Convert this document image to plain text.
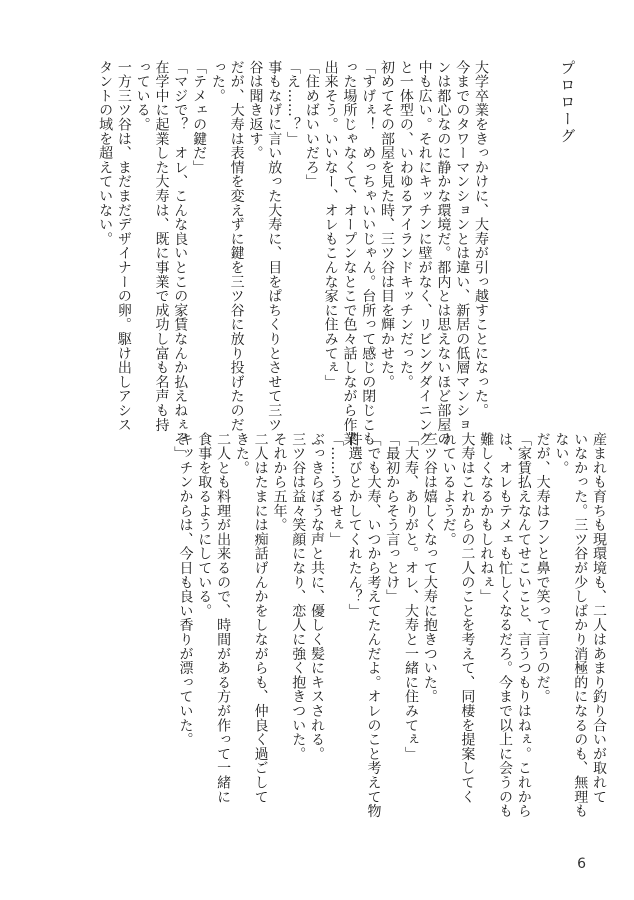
プロローグ

大学卒業をきっかけに、大寿が引っ越すことになった。
今までのタワーマンションとは違い、新居の低層マンショ
ンは都心なのに静かな環境だ。都内とは思えないほど部屋の
中も広い。それにキッチンに壁がなく、リビングダイニング
と一体型の、いわゆるアイランドキッチンだった。
初めてその部屋を見た時、三ツ谷は目を輝かせた。
「すげぇ！　めっちゃいいじゃん。台所って感じの閉じこも
った場所じゃなくて、オープンなとこで色々話しながら作業
出来そう。いいなー、オレもこんな家に住みてぇ」
「住めばいいだろ」
「え……？」
事もなげに言い放った大寿に、目をぱちくりとさせて三ツ
谷は聞き返す。
だが、大寿は表情を変えずに鍵を三ツ谷に放り投げたのだ
った。
「テメェの鍵だ」
「マジで？　オレ、こんな良いとこの家賃なんか払えねぇぞ」
在学中に起業した大寿は、既に事業で成功し富も名声も持
っている。
一方三ツ谷は、まだまだデザイナーの卵。駆け出しアシス
タントの域を超えていない。
産まれも育ちも現環境も、二人はあまり釣り合いが取れて
いなかった。三ツ谷が少しばかり消極的になるのも、無理も
ない。
だが、大寿はフンと鼻で笑って言うのだ。
「家賃払えなんてせこいこと、言うつもりはねぇ。これから
は、オレもテメェも忙しくなるだろ。今まで以上に会うのも
難しくなるかもしれねぇ」
大寿はこれからの二人のことを考えて、同棲を提案してく
れているようだ。
三ツ谷は嬉しくなって大寿に抱きついた。
「大寿、ありがと。オレ、大寿と一緒に住みてぇ」
「最初からそう言っとけ」
「でも大寿、いつから考えてたんだよ。オレのこと考えて物
件選びとかしてくれたん？」
「……うるせぇ」
ぶっきらぼうな声と共に、優しく髪にキスされる。
三ツ谷は益々笑顔になり、恋人に強く抱きついた。
それから五年。
二人はたまには痴話げんかをしながらも、仲良く過ごして
きた。
二人とも料理が出来るので、時間がある方が作って一緒に
食事を取るようにしている。
キッチンからは、今日も良い香りが漂っていた。
6
